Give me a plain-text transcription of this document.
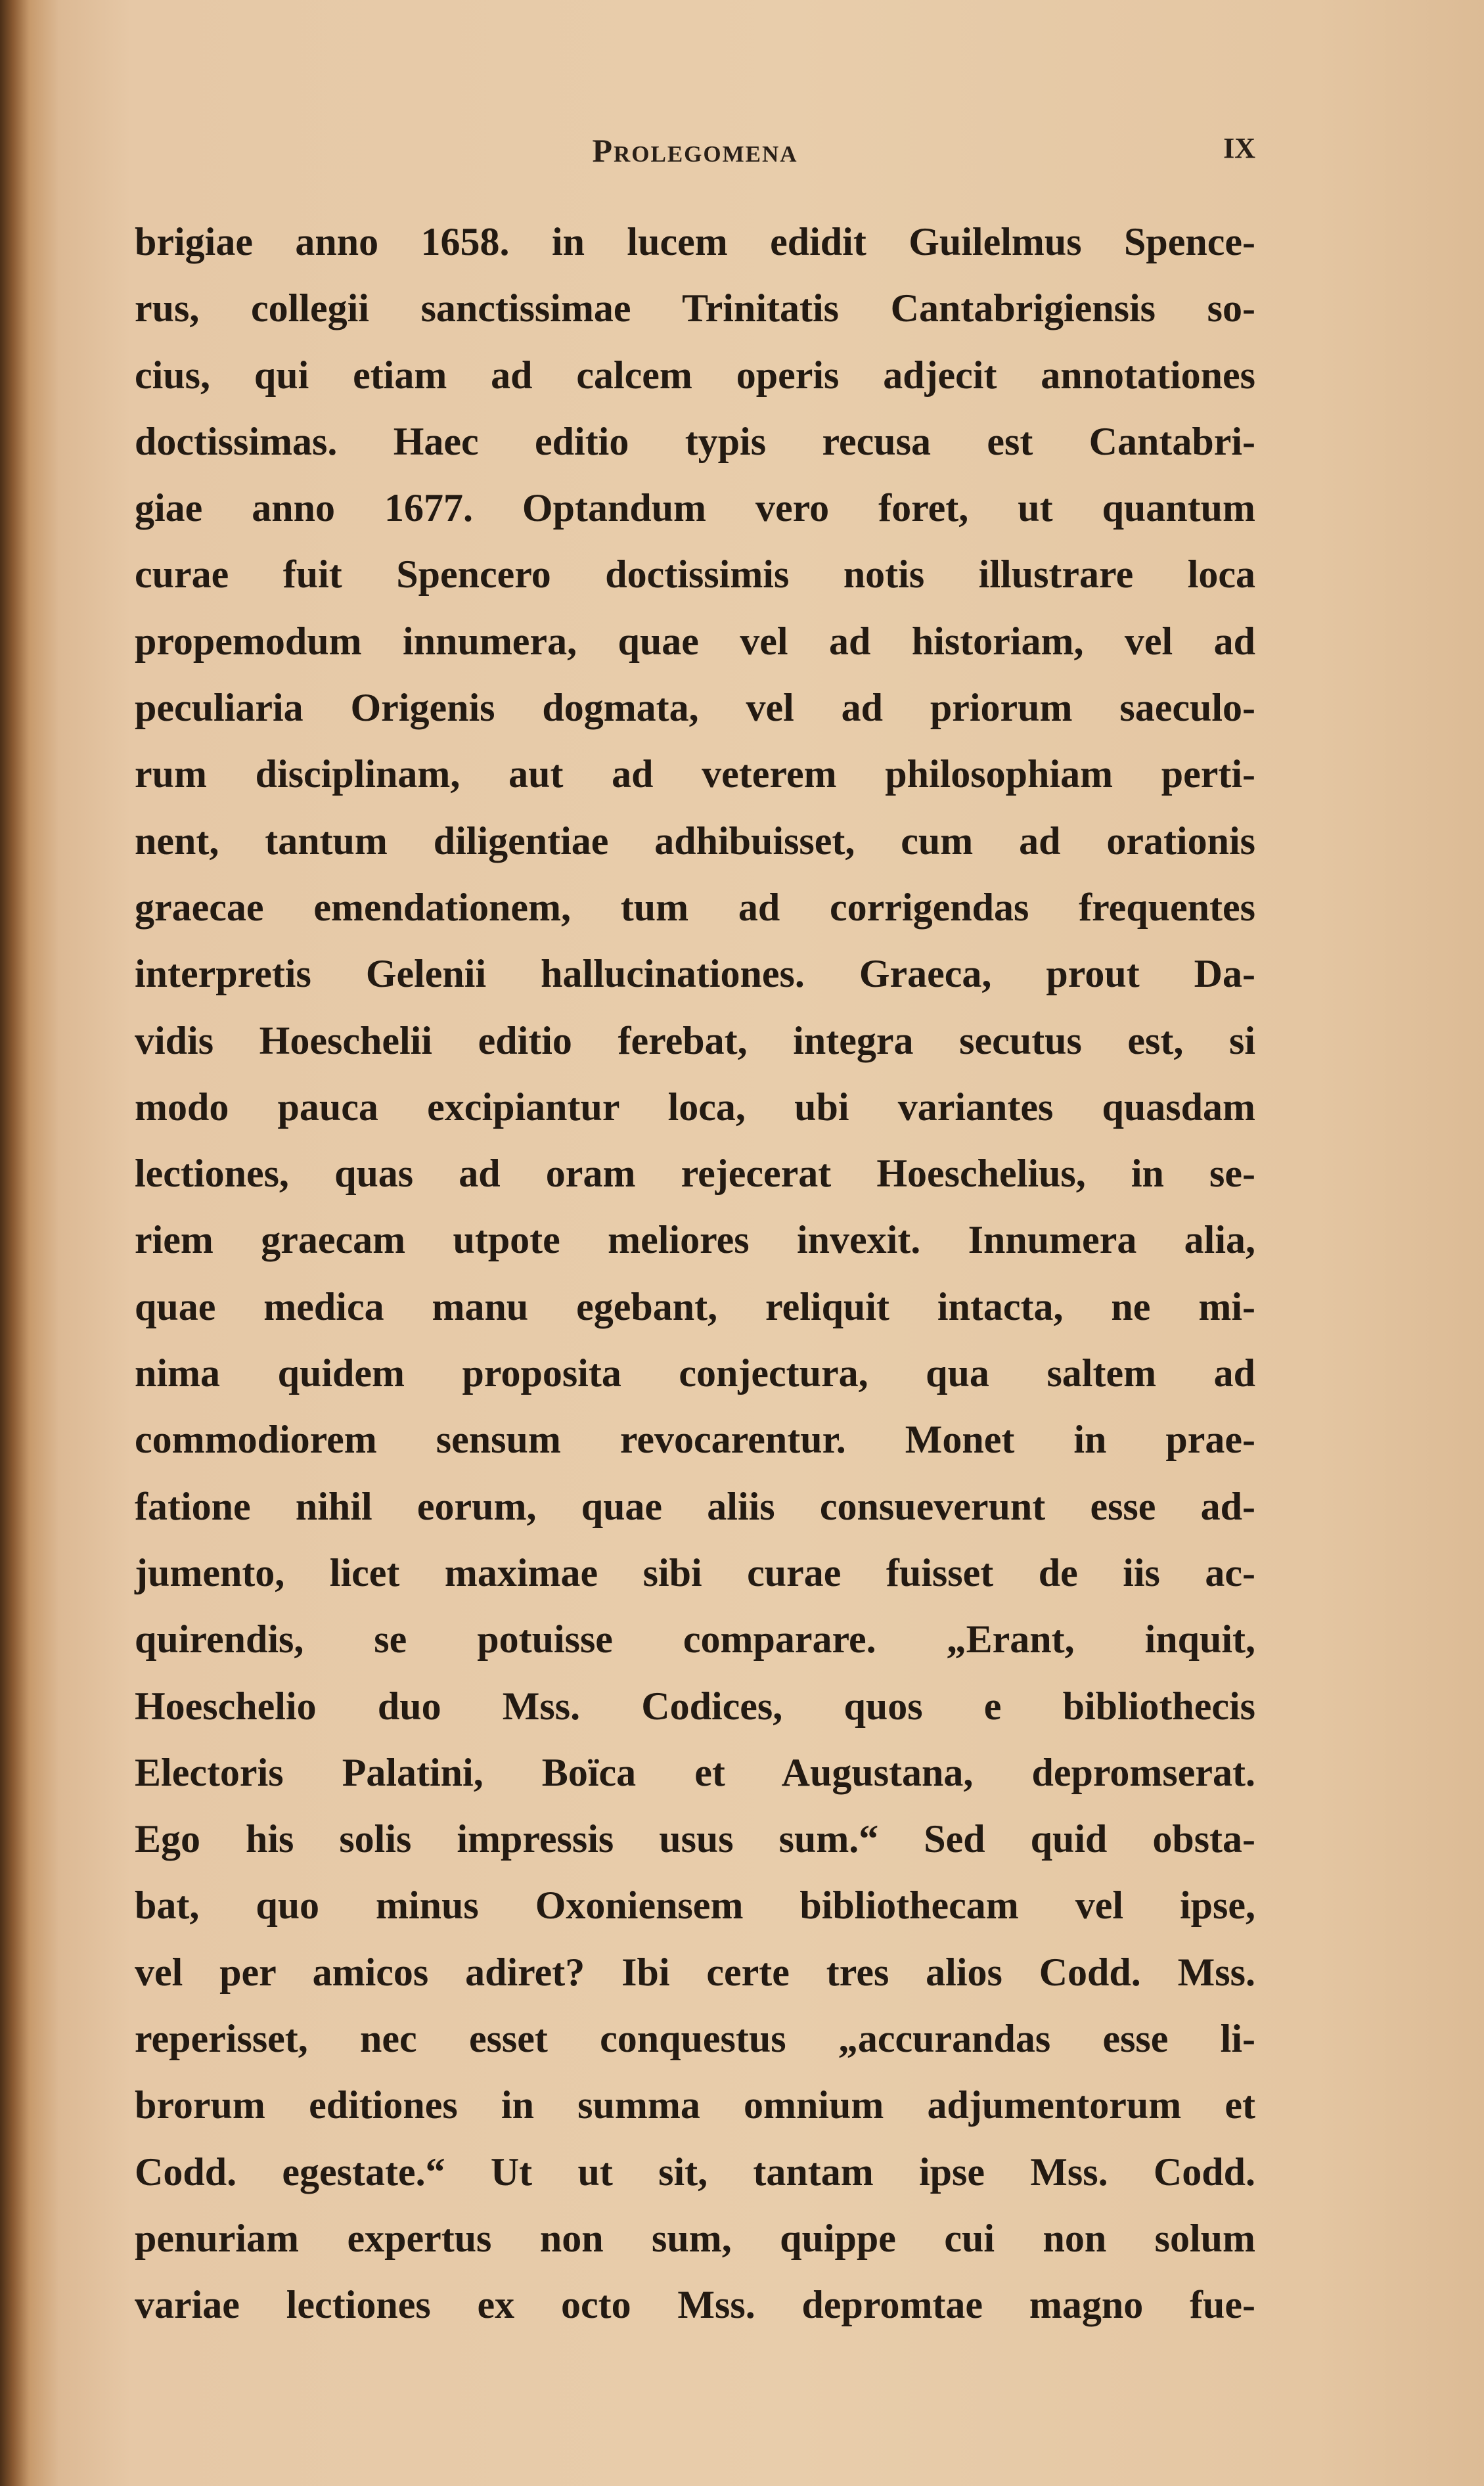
Prolegomena	IX
brigiae anno 1658. in lucem edidit Guilelmus Spence-
rus, collegii sanctissimae Trinitatis Cantabrigiensis so-
cius, qui etiam ad calcem operis adjecit annotationes
doctissimas. Haec editio typis recusa est Cantabri-
giae anno 1677. Optandum vero foret, ut quantum
curae fuit Spencero doctissimis notis illustrare loca
propemodum innumera, quae vel ad historiam, vel ad
peculiaria Origenis dogmata, vel ad priorum saeculo-
rum disciplinam, aut ad veterem philosophiam perti-
nent, tantum diligentiae adhibuisset, cum ad orationis
graecae emendationem, tum ad corrigendas frequentes
interpretis Gelenii hallucinationes. Graeca, prout Da-
vidis Hoeschelii editio ferebat, integra secutus est, si
modo pauca excipiantur loca, ubi variantes quasdam
lectiones, quas ad oram rejecerat Hoeschelius, in se-
riem graecam utpote meliores invexit. Innumera alia,
quae medica manu egebant, reliquit intacta, ne mi-
nima quidem proposita conjectura, qua saltem ad
commodiorem sensum revocarentur. Monet in prae-
fatione nihil eorum, quae aliis consueverunt esse ad-
jumento, licet maximae sibi curae fuisset de iis ac-
quirendis, se potuisse comparare. „Erant, inquit,
Hoeschelio duo Mss. Codices, quos e bibliothecis
Electoris Palatini, Boïca et Augustana, depromserat.
Ego his solis impressis usus sum.“ Sed quid obsta-
bat, quo minus Oxoniensem bibliothecam vel ipse,
vel per amicos adiret? Ibi certe tres alios Codd. Mss.
reperisset, nec esset conquestus „accurandas esse li-
brorum editiones in summa omnium adjumentorum et
Codd. egestate.“ Ut ut sit, tantam ipse Mss. Codd.
penuriam expertus non sum, quippe cui non solum
variae lectiones ex octo Mss. depromtae magno fue-
